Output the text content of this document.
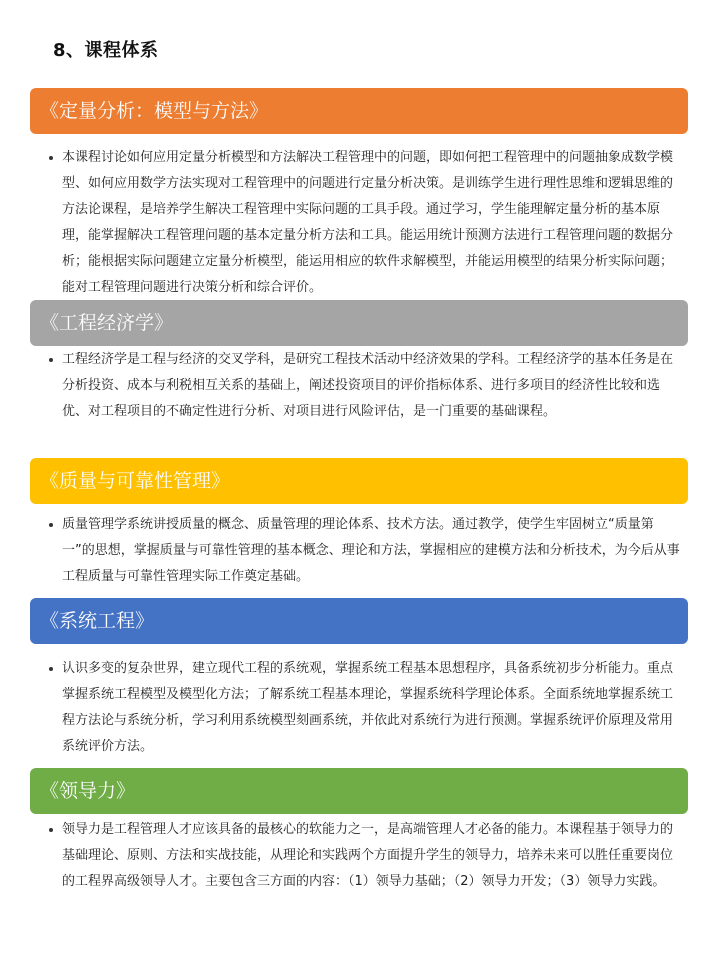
8、课程体系
《定量分析：模型与方法》
本课程讨论如何应用定量分析模型和方法解决工程管理中的问题，即如何把工程管理中的问题抽象成数学模型、如何应用数学方法实现对工程管理中的问题进行定量分析决策。是训练学生进行理性思维和逻辑思维的方法论课程，是培养学生解决工程管理中实际问题的工具手段。通过学习，学生能理解定量分析的基本原理，能掌握解决工程管理问题的基本定量分析方法和工具。能运用统计预测方法进行工程管理问题的数据分析；能根据实际问题建立定量分析模型，能运用相应的软件求解模型，并能运用模型的结果分析实际问题；能对工程管理问题进行决策分析和综合评价。
《工程经济学》
工程经济学是工程与经济的交叉学科，是研究工程技术活动中经济效果的学科。工程经济学的基本任务是在分析投资、成本与利税相互关系的基础上，阐述投资项目的评价指标体系、进行多项目的经济性比较和选优、对工程项目的不确定性进行分析、对项目进行风险评估，是一门重要的基础课程。
《质量与可靠性管理》
质量管理学系统讲授质量的概念、质量管理的理论体系、技术方法。通过教学，使学生牢固树立“质量第一”的思想，掌握质量与可靠性管理的基本概念、理论和方法，掌握相应的建模方法和分析技术，为今后从事工程质量与可靠性管理实际工作奠定基础。
《系统工程》
认识多变的复杂世界，建立现代工程的系统观，掌握系统工程基本思想程序，具备系统初步分析能力。重点掌握系统工程模型及模型化方法；了解系统工程基本理论，掌握系统科学理论体系。全面系统地掌握系统工程方法论与系统分析，学习利用系统模型刻画系统，并依此对系统行为进行预测。掌握系统评价原理及常用系统评价方法。
《领导力》
领导力是工程管理人才应该具备的最核心的软能力之一，是高端管理人才必备的能力。本课程基于领导力的基础理论、原则、方法和实战技能，从理论和实践两个方面提升学生的领导力，培养未来可以胜任重要岗位的工程界高级领导人才。主要包含三方面的内容：（1）领导力基础；（2）领导力开发；（3）领导力实践。
